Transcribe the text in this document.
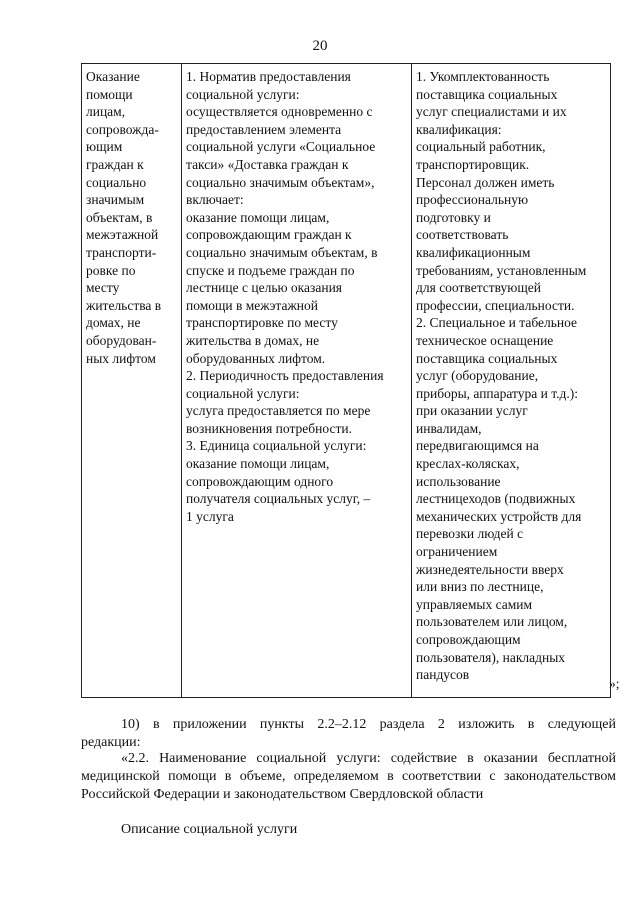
20
Оказание
помощи
лицам,
сопровожда-
ющим
граждан к
социально
значимым
объектам, в
межэтажной
транспорти-
ровке по
месту
жительства в
домах, не
оборудован-
ных лифтом

1. Норматив предоставления
социальной услуги:
осуществляется одновременно с
предоставлением элемента
социальной услуги «Социальное
такси» «Доставка граждан к
социально значимым объектам»,
включает:
оказание помощи лицам,
сопровождающим граждан к
социально значимым объектам, в
спуске и подъеме граждан по
лестнице с целью оказания
помощи в межэтажной
транспортировке по месту
жительства в домах, не
оборудованных лифтом.
2. Периодичность предоставления
социальной услуги:
услуга предоставляется по мере
возникновения потребности.
3. Единица социальной услуги:
оказание помощи лицам,
сопровождающим одного
получателя социальных услуг, –
1 услуга

1. Укомплектованность
поставщика социальных
услуг специалистами и их
квалификация:
социальный работник,
транспортировщик.
Персонал должен иметь
профессиональную
подготовку и
соответствовать
квалификационным
требованиям, установленным
для соответствующей
профессии, специальности.
2. Специальное и табельное
техническое оснащение
поставщика социальных
услуг (оборудование,
приборы, аппаратура и т.д.):
при оказании услуг
инвалидам,
передвигающимся на
креслах-колясках,
использование
лестницеходов (подвижных
механических устройств для
перевозки людей с
ограничением
жизнедеятельности вверх
или вниз по лестнице,
управляемых самим
пользователем или лицом,
сопровождающим
пользователя), накладных
пандусов
»;
10) в приложении пункты 2.2–2.12 раздела 2 изложить в следующей
редакции:
«2.2. Наименование социальной услуги: содействие в оказании бесплатной
медицинской помощи в объеме, определяемом в соответствии с законодательством
Российской Федерации и законодательством Свердловской области
Описание социальной услуги
